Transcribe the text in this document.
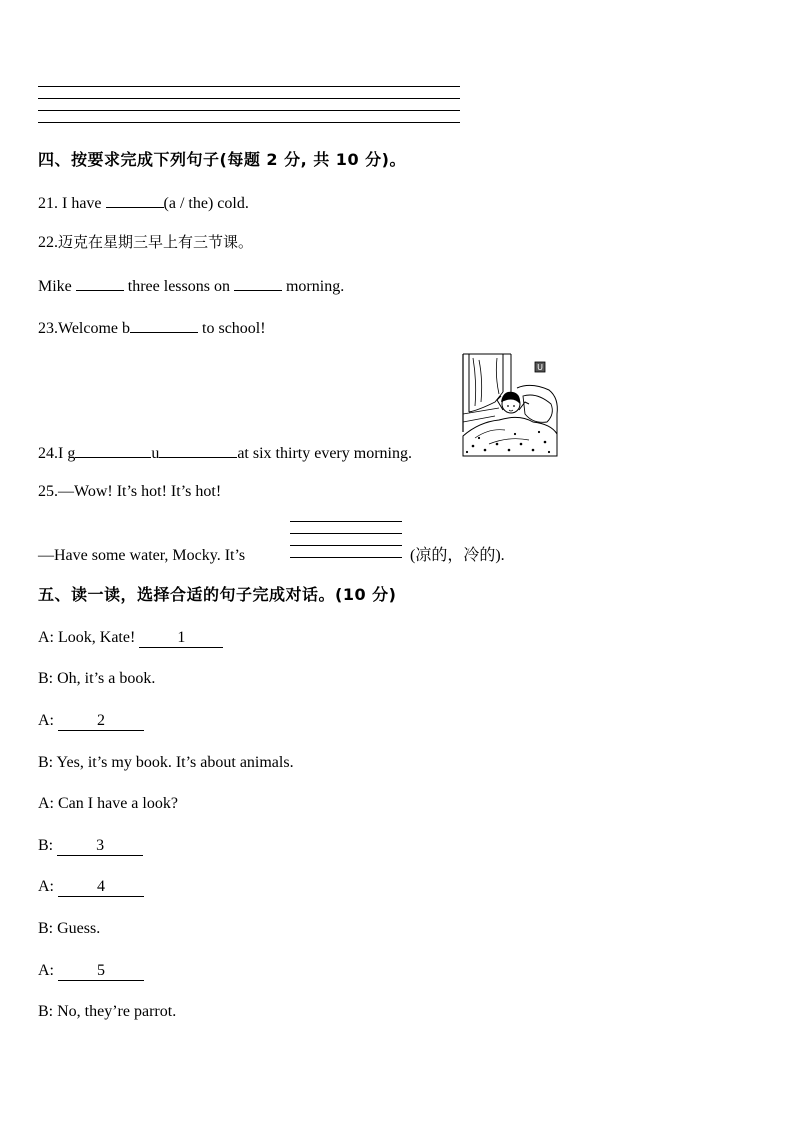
四、按要求完成下列句子(每题 2 分, 共 10 分)。
21. I have	(a / the) cold.
22.迈克在星期三早上有三节课。
Mike	three lessons on	morning.
23.Welcome b	to school!
U
24.I g	u	at six thirty every morning.
25.—Wow! It’s hot! It’s hot!
—Have some water, Mocky. It’s	(凉的，冷的).
五、读一读，选择合适的句子完成对话。(10 分)
A: Look, Kate!	1
B: Oh, it’s a book.
A:	2
B: Yes, it’s my book. It’s about animals.
A: Can I have a look?
B:	3
A:	4
B: Guess.
A:	5
B: No, they’re parrot.
